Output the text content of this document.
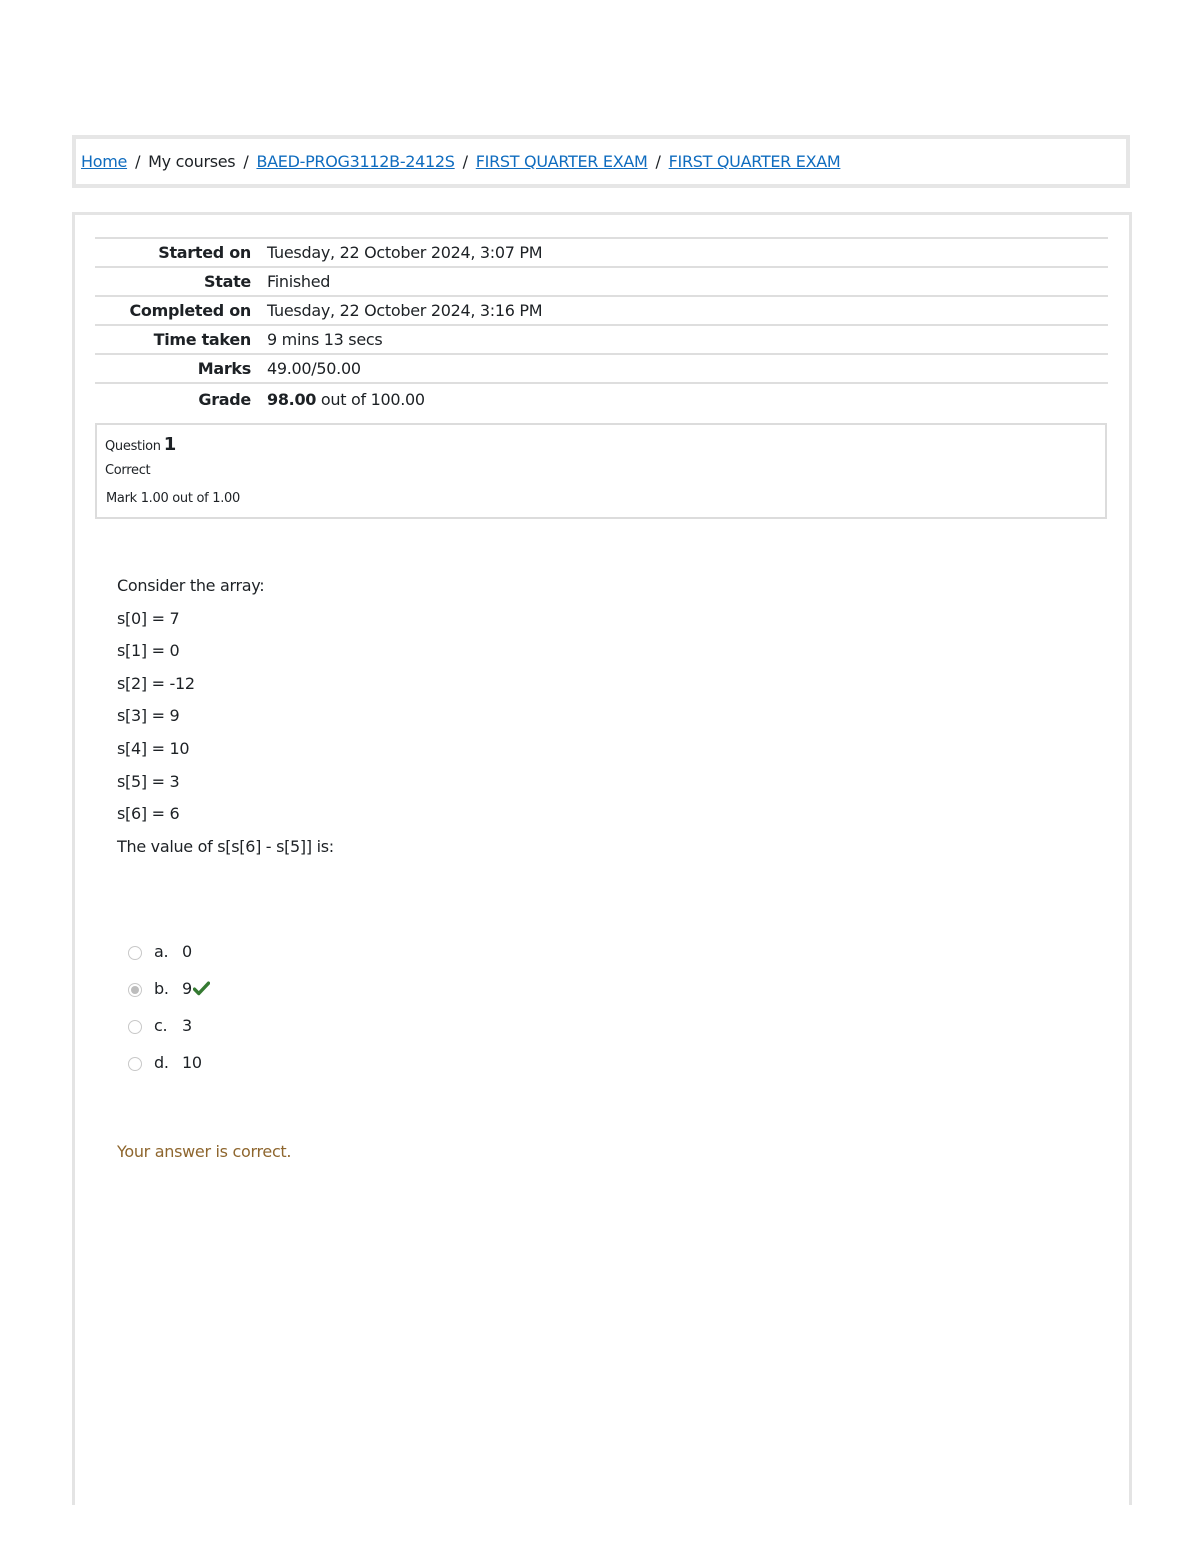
Home / My courses / BAED-PROG3112B-2412S / FIRST QUARTER EXAM / FIRST QUARTER EXAM
Started on	Tuesday, 22 October 2024, 3:07 PM
State	Finished
Completed on	Tuesday, 22 October 2024, 3:16 PM
Time taken	9 mins 13 secs
Marks	49.00/50.00
Grade	98.00 out of 100.00
Question 1
Correct
Mark 1.00 out of 1.00

Consider the array:

s[0] = 7

s[1] = 0

s[2] = -12

s[3] = 9

s[4] = 10

s[5] = 3

s[6] = 6

The value of s[s[6] - s[5]] is:

a. 0
b. 9
c. 3
d. 10
Your answer is correct.
